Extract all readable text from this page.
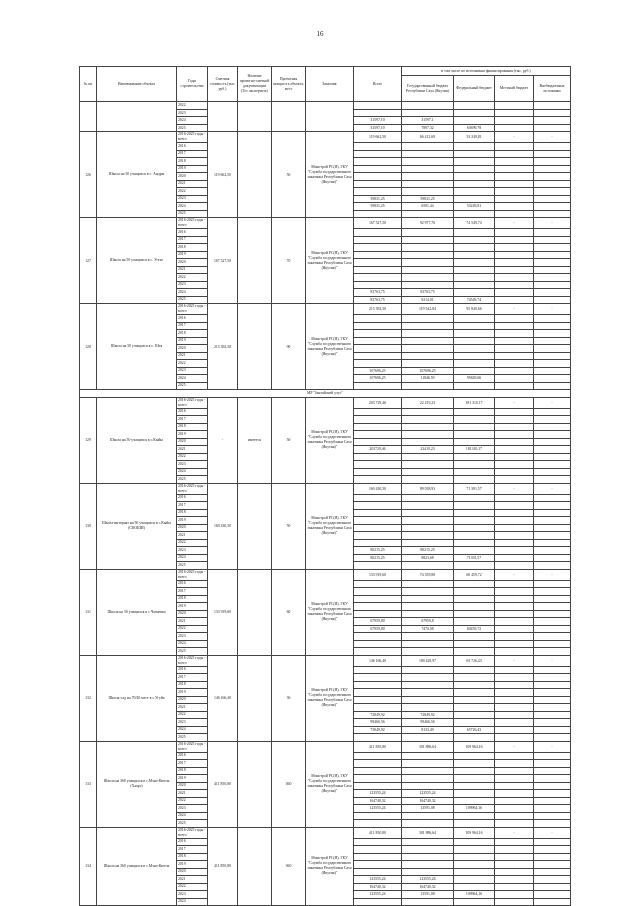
16
№ пп	Наименование объекта	Годы строительства	Сметная стоимость (тыс. руб.)	Наличие проектно-сметной документации (Гос.экспертиза)	Проектная мощность объекта, мест	Заказчик	Всего	в том числе по источникам финансирования (тыс. руб.)			
								Государственный бюджет Республики Саха (Якутия)	Федеральный бюджет	Местный бюджет	Внебюджетные источники
		2022									
		2023									
		2024					31597,10	31597,1			
		2025					31597,10	7897,32	63699,78		
126	Школа на 50 учащихся в с. Андры	2016-2025 годы - всего	119 662,50		50	Минстрой РС(Я), ГКУ "Служба государственного заказчика Республики Саха (Якутия)"	119 662,50	66 412,69	53 249,81	-	-
		2016									
		2017									
		2018									
		2019									
		2020									
		2021									
		2022									
		2023					59831,25	59831,25			
		2024					59831,25	6581,44	53249,81		
		2025									
127	Школа на 50 учащихся в с. Устье	2016-2025 годы - всего	167 527,50		70	Минстрой РС(Я), ГКУ "Служба государственного заказчика Республики Саха (Якутия)"	167 527,50	92 977,76	74 549,74	-	-
		2016									
		2017									
		2018									
		2019									
		2020									
		2021									
		2022									
		2023									
		2024					83763,75	83763,75			
		2025					83763,75	9214,01	74549,74		
128	Школа на 50 учащихся в с. Шея	2016-2025 годы - всего	215 392,50		90	Минстрой РС(Я), ГКУ "Служба государственного заказчика Республики Саха (Якутия)"	215 392,50	119 542,84	95 849,66	-	-
		2016									
		2017									
		2018									
		2019									
		2020									
		2021									
		2022									
		2023					107696,25	107696,25			
		2024					107696,25	11846,59	95849,66		
		2025									
МР "Jантайский улус"											
129	Школа на 50 учащихся в с.Кыйы	2016-2025 годы - всего	-	имеется	50	Минстрой РС(Я), ГКУ "Служба государственного заказчика Республики Саха (Якутия)"	203 729,46	22 419,23	181 310,17	-	-
		2016									
		2017									
		2018									
		2019									
		2020									
		2021					203729,46	22419,23	181310,17		
		2022									
		2023									
		2024									
		2025									
130	Школа-интернат на 50 учащихся в с.Кыйы (СКОШИ)	2016-2025 годы - всего	160 430,50		50	Минстрой РС(Я), ГКУ "Служба государственного заказчика Республики Саха (Якутия)"	160 430,50	89 038,93	71 391,57	-	-
		2016									
		2017									
		2018									
		2019									
		2020									
		2021									
		2022									
		2023					80215,25	80215,25			
		2024					80215,25	8823,68	71391,57		
		2025									
131	Школа на 50 учащихся в с.Чапаевка	2016-2025 годы - всего	133 919,60		60	Минстрой РС(Я), ГКУ "Служба государственного заказчика Республики Саха (Якутия)"	133 919,60	74 359,88	60 459,72	-	-
		2016									
		2017									
		2018									
		2019									
		2020									
		2021					67959,80	67959,8			
		2022					67959,80	7470,08	60459,72		
		2023									
		2024									
		2025									
132	Школа-сад на 70/40 мест в с.Угуйа	2016-2025 годы - всего	146 166,40		36	Минстрой РС(Я), ГКУ "Служба государственного заказчика Республики Саха (Якутия)"	146 166,40	180 429,97	65 726,43	-	-
		2016									
		2017									
		2018									
		2019									
		2020									
		2021									
		2022					72849,92	72849,92			
		2023					99466,56	99466,56			
		2024					73849,92	8133,49	65726,43		
		2025									
133	Школа на 360 учащихся в с.Мэнэ-Кюель (Хаарэ)	2016-2025 годы - всего	411 850,80		360	Минстрой РС(Я), ГКУ "Служба государственного заказчика Республики Саха (Якутия)"	411 850,80	301 886,64	109 964,16	-	-
		2016									
		2017									
		2018									
		2019									
		2020									
		2021					123555,24	123555,24			
		2022					164740,32	164740,32			
		2023					123555,24	13591,08	109964,16		
		2024									
		2025									
134	Школа на 360 учащихся в с.Мэнэ-Кюель	2016-2025 годы - всего	411 850,80		360	Минстрой РС(Я), ГКУ "Служба государственного заказчика Республики Саха (Якутия)"	411 850,80	301 886,64	109 964,16	-	-
		2016									
		2017									
		2018									
		2019									
		2020									
		2021					123555,24	123555,24			
		2022					164740,32	164740,32			
		2023					123555,24	13591,08	109964,16		
		2024									
